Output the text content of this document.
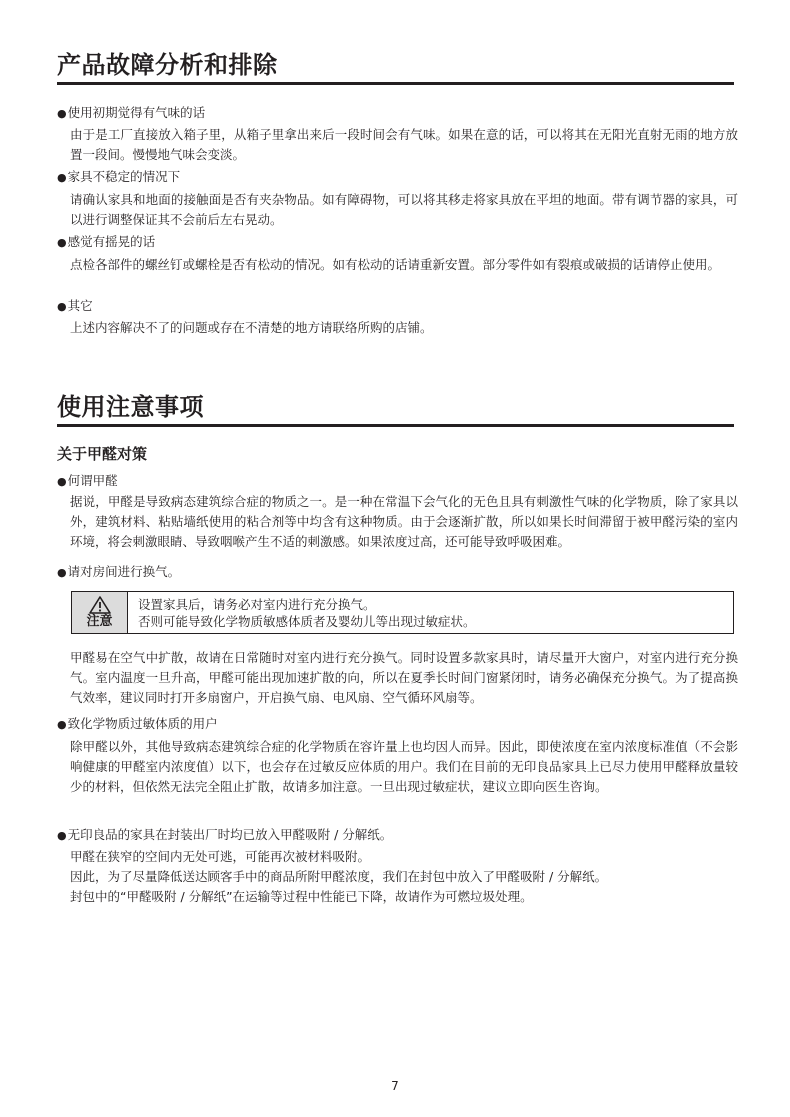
产品故障分析和排除
● 使用初期觉得有气味的话
由于是工厂直接放入箱子里，从箱子里拿出来后一段时间会有气味。如果在意的话，可以将其在无阳光直射无雨的地方放置一段间。慢慢地气味会变淡。
● 家具不稳定的情况下
请确认家具和地面的接触面是否有夹杂物品。如有障碍物，可以将其移走将家具放在平坦的地面。带有调节器的家具，可以进行调整保证其不会前后左右晃动。
● 感觉有摇晃的话
点检各部件的螺丝钉或螺栓是否有松动的情况。如有松动的话请重新安置。部分零件如有裂痕或破损的话请停止使用。
● 其它
上述内容解决不了的问题或存在不清楚的地方请联络所购的店铺。
使用注意事项
关于甲醛对策
● 何谓甲醛
据说，甲醛是导致病态建筑综合症的物质之一。是一种在常温下会气化的无色且具有刺激性气味的化学物质，除了家具以外，建筑材料、粘贴墙纸使用的粘合剂等中均含有这种物质。由于会逐渐扩散，所以如果长时间滞留于被甲醛污染的室内环境，将会刺激眼睛、导致咽喉产生不适的刺激感。如果浓度过高，还可能导致呼吸困难。
● 请对房间进行换气。
注意
设置家具后，请务必对室内进行充分换气。
否则可能导致化学物质敏感体质者及婴幼儿等出现过敏症状。
甲醛易在空气中扩散，故请在日常随时对室内进行充分换气。同时设置多款家具时，请尽量开大窗户，对室内进行充分换气。室内温度一旦升高，甲醛可能出现加速扩散的向，所以在夏季长时间门窗紧闭时，请务必确保充分换气。为了提高换气效率，建议同时打开多扇窗户，开启换气扇、电风扇、空气循环风扇等。
● 致化学物质过敏体质的用户
除甲醛以外，其他导致病态建筑综合症的化学物质在容许量上也均因人而异。因此，即使浓度在室内浓度标准值（不会影响健康的甲醛室内浓度值）以下，也会存在过敏反应体质的用户。我们在目前的无印良品家具上已尽力使用甲醛释放量较少的材料，但依然无法完全阻止扩散，故请多加注意。一旦出现过敏症状，建议立即向医生咨询。
● 无印良品的家具在封装出厂时均已放入甲醛吸附 / 分解纸。
甲醛在狭窄的空间内无处可逃，可能再次被材料吸附。
因此，为了尽量降低送达顾客手中的商品所附甲醛浓度，我们在封包中放入了甲醛吸附 / 分解纸。
封包中的“甲醛吸附 / 分解纸”在运输等过程中性能已下降，故请作为可燃垃圾处理。
7
